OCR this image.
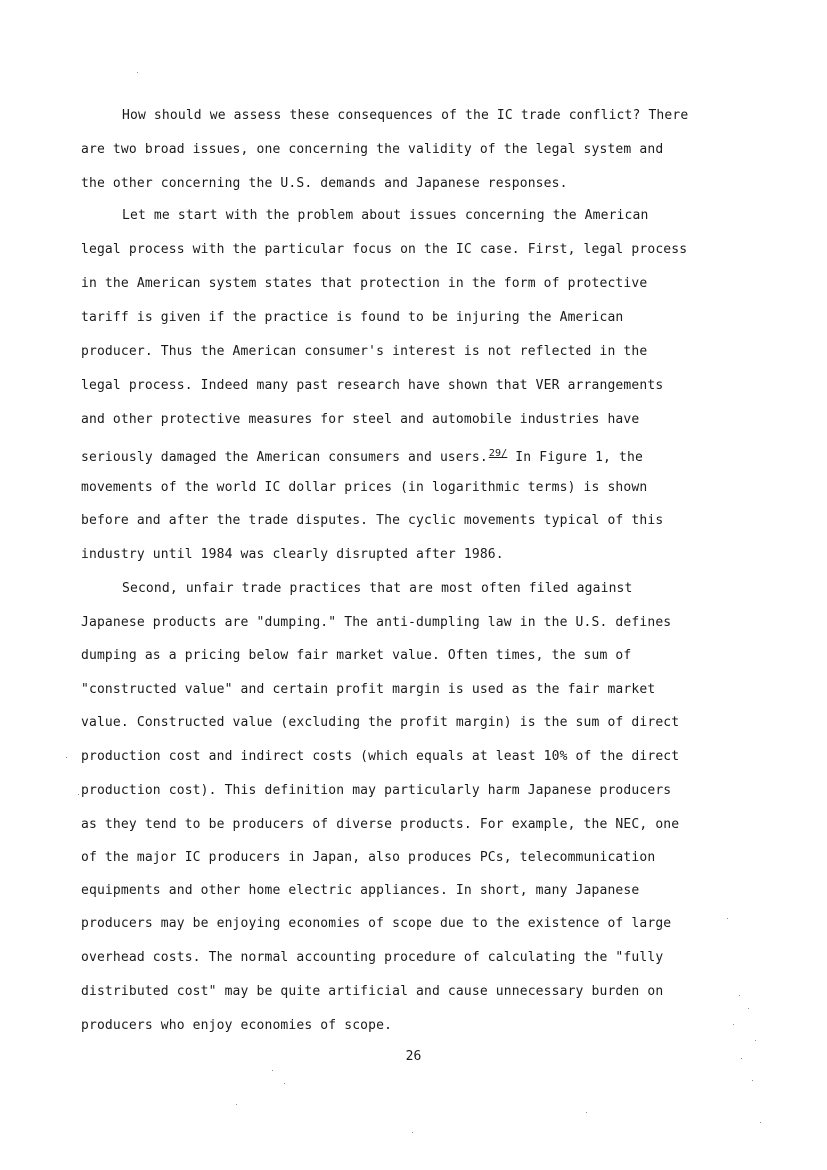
How should we assess these consequences of the IC trade conflict? There
are two broad issues, one concerning the validity of the legal system and
the other concerning the U.S. demands and Japanese responses.
Let me start with the problem about issues concerning the American
legal process with the particular focus on the IC case. First, legal process
in the American system states that protection in the form of protective
tariff is given if the practice is found to be injuring the American
producer. Thus the American consumer's interest is not reflected in the
legal process. Indeed many past research have shown that VER arrangements
and other protective measures for steel and automobile industries have
seriously damaged the American consumers and users.$^{29/}$ In Figure 1, the
movements of the world IC dollar prices (in logarithmic terms) is shown
before and after the trade disputes. The cyclic movements typical of this
industry until 1984 was clearly disrupted after 1986.
Second, unfair trade practices that are most often filed against
Japanese products are "dumping." The anti-dumpling law in the U.S. defines
dumping as a pricing below fair market value. Often times, the sum of
"constructed value" and certain profit margin is used as the fair market
value. Constructed value (excluding the profit margin) is the sum of direct
production cost and indirect costs (which equals at least 10% of the direct
production cost). This definition may particularly harm Japanese producers
as they tend to be producers of diverse products. For example, the NEC, one
of the major IC producers in Japan, also produces PCs, telecommunication
equipments and other home electric appliances. In short, many Japanese
producers may be enjoying economies of scope due to the existence of large
overhead costs. The normal accounting procedure of calculating the "fully
distributed cost" may be quite artificial and cause unnecessary burden on
producers who enjoy economies of scope.
26
